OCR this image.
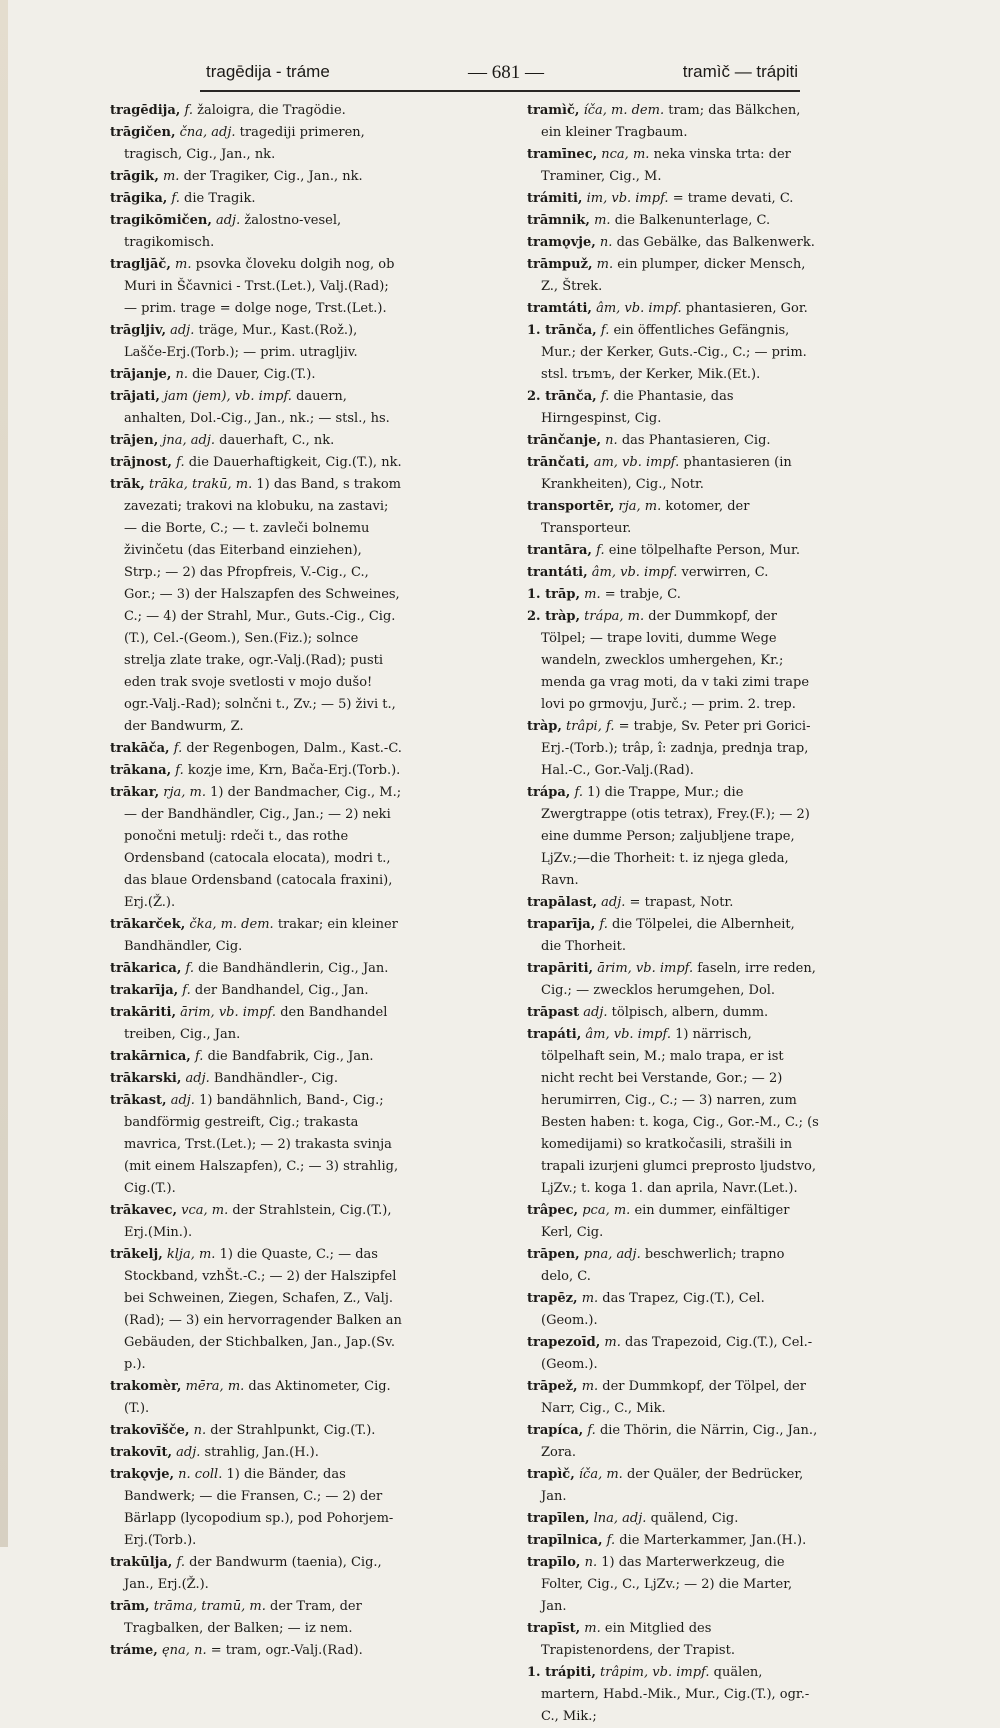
tragēdija - tráme	— 681 —	tramìč — trápiti
tragēdija, f. žaloigra, die Tragödie.
trāgičen, čna, adj. tragediji primeren, tragisch, Cig., Jan., nk.
trāgik, m. der Tragiker, Cig., Jan., nk.
trāgika, f. die Tragik.
tragikōmičen, adj. žalostno-vesel, tragikomisch.
tragljāč, m. psovka človeku dolgih nog, ob Muri in Ščavnici - Trst.(Let.), Valj.(Rad); — prim. trage = dolge noge, Trst.(Let.).
trāgljiv, adj. träge, Mur., Kast.(Rož.), Lašče-Erj.(Torb.); — prim. utragljiv.
trājanje, n. die Dauer, Cig.(T.).
trājati, jam (jem), vb. impf. dauern, anhalten, Dol.-Cig., Jan., nk.; — stsl., hs.
trājen, jna, adj. dauerhaft, C., nk.
trājnost, f. die Dauerhaftigkeit, Cig.(T.), nk.
trāk, trāka, trakū, m. 1) das Band, s trakom zavezati; trakovi na klobuku, na zastavi; — die Borte, C.; — t. zavleči bolnemu živinčetu (das Eiterband einziehen), Strp.; — 2) das Pfropfreis, V.-Cig., C., Gor.; — 3) der Halszapfen des Schweines, C.; — 4) der Strahl, Mur., Guts.-Cig., Cig.(T.), Cel.-(Geom.), Sen.(Fiz.); solnce strelja zlate trake, ogr.-Valj.(Rad); pusti eden trak svoje svetlosti v mojo dušo! ogr.-Valj.-Rad); solnčni t., Zv.; — 5) živi t., der Bandwurm, Z.
trakāča, f. der Regenbogen, Dalm., Kast.-C.
trākana, f. kozje ime, Krn, Bača-Erj.(Torb.).
trākar, rja, m. 1) der Bandmacher, Cig., M.; — der Bandhändler, Cig., Jan.; — 2) neki ponočni metulj: rdeči t., das rothe Ordensband (catocala elocata), modri t., das blaue Ordensband (catocala fraxini), Erj.(Ž.).
trākarček, čka, m. dem. trakar; ein kleiner Bandhändler, Cig.
trākarica, f. die Bandhändlerin, Cig., Jan.
trakarīja, f. der Bandhandel, Cig., Jan.
trakāriti, ārim, vb. impf. den Bandhandel treiben, Cig., Jan.
trakārnica, f. die Bandfabrik, Cig., Jan.
trākarski, adj. Bandhändler-, Cig.
trākast, adj. 1) bandähnlich, Band-, Cig.; bandförmig gestreift, Cig.; trakasta mavrica, Trst.(Let.); — 2) trakasta svinja (mit einem Halszapfen), C.; — 3) strahlig, Cig.(T.).
trākavec, vca, m. der Strahlstein, Cig.(T.), Erj.(Min.).
trākelj, klja, m. 1) die Quaste, C.; — das Stockband, vzhŠt.-C.; — 2) der Halszipfel bei Schweinen, Ziegen, Schafen, Z., Valj.(Rad); — 3) ein hervorragender Balken an Gebäuden, der Stichbalken, Jan., Jap.(Sv. p.).
trakomèr, mēra, m. das Aktinometer, Cig.(T.).
trakovīšče, n. der Strahlpunkt, Cig.(T.).
trakovīt, adj. strahlig, Jan.(H.).
trakǫvje, n. coll. 1) die Bänder, das Bandwerk; — die Fransen, C.; — 2) der Bärlapp (lycopodium sp.), pod Pohorjem-Erj.(Torb.).
trakūlja, f. der Bandwurm (taenia), Cig., Jan., Erj.(Ž.).
trām, trāma, tramū, m. der Tram, der Tragbalken, der Balken; — iz nem.
tráme, ęna, n. = tram, ogr.-Valj.(Rad).
tramìč, íča, m. dem. tram; das Bälkchen, ein kleiner Tragbaum.
tramīnec, nca, m. neka vinska trta: der Traminer, Cig., M.
trámiti, im, vb. impf. = trame devati, C.
trāmnik, m. die Balkenunterlage, C.
tramǫvje, n. das Gebälke, das Balkenwerk.
trāmpuž, m. ein plumper, dicker Mensch, Z., Štrek.
tramtáti, âm, vb. impf. phantasieren, Gor.
1. trānča, f. ein öffentliches Gefängnis, Mur.; der Kerker, Guts.-Cig., C.; — prim. stsl. trьmъ, der Kerker, Mik.(Et.).
2. trānča, f. die Phantasie, das Hirngespinst, Cig.
trānčanje, n. das Phantasieren, Cig.
trānčati, am, vb. impf. phantasieren (in Krankheiten), Cig., Notr.
transportēr, rja, m. kotomer, der Transporteur.
trantāra, f. eine tölpelhafte Person, Mur.
trantáti, âm, vb. impf. verwirren, C.
1. trāp, m. = trabje, C.
2. tràp, trápa, m. der Dummkopf, der Tölpel; — trape loviti, dumme Wege wandeln, zwecklos umhergehen, Kr.; menda ga vrag moti, da v taki zimi trape lovi po grmovju, Jurč.; — prim. 2. trep.
tràp, trâpi, f. = trabje, Sv. Peter pri Gorici-Erj.-(Torb.); trâp, î: zadnja, prednja trap, Hal.-C., Gor.-Valj.(Rad).
trápa, f. 1) die Trappe, Mur.; die Zwergtrappe (otis tetrax), Frey.(F.); — 2) eine dumme Person; zaljubljene trape, LjZv.;—die Thorheit: t. iz njega gleda, Ravn.
trapālast, adj. = trapast, Notr.
traparīja, f. die Tölpelei, die Albernheit, die Thorheit.
trapāriti, ārim, vb. impf. faseln, irre reden, Cig.; — zwecklos herumgehen, Dol.
trāpast adj. tölpisch, albern, dumm.
trapáti, âm, vb. impf. 1) närrisch, tölpelhaft sein, M.; malo trapa, er ist nicht recht bei Verstande, Gor.; — 2) herumirren, Cig., C.; — 3) narren, zum Besten haben: t. koga, Cig., Gor.-M., C.; (s komedijami) so kratkočasili, strašili in trapali izurjeni glumci preprosto ljudstvo, LjZv.; t. koga 1. dan aprila, Navr.(Let.).
trâpec, pca, m. ein dummer, einfältiger Kerl, Cig.
trāpen, pna, adj. beschwerlich; trapno delo, C.
trapēz, m. das Trapez, Cig.(T.), Cel.(Geom.).
trapezoīd, m. das Trapezoid, Cig.(T.), Cel.-(Geom.).
trāpež, m. der Dummkopf, der Tölpel, der Narr, Cig., C., Mik.
trapíca, f. die Thörin, die Närrin, Cig., Jan., Zora.
trapìč, íča, m. der Quäler, der Bedrücker, Jan.
trapīlen, lna, adj. quälend, Cig.
trapīlnica, f. die Marterkammer, Jan.(H.).
trapīlo, n. 1) das Marterwerkzeug, die Folter, Cig., C., LjZv.; — 2) die Marter, Jan.
trapīst, m. ein Mitglied des Trapistenordens, der Trapist.
1. trápiti, trâpim, vb. impf. quälen, martern, Habd.-Mik., Mur., Cig.(T.), ogr.-C., Mik.;
